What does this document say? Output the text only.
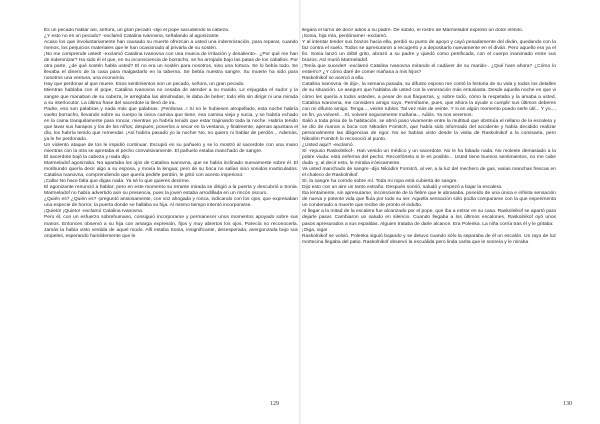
Es un pecado hablar así, señora, un gran pecado -dijo el pope sacudiendo la cabeza.

¿Y esto no es un pecado? -exclamó Catalina Ivanovna, señalando al agonizante.

Acaso los que involuntariamente han causado su muerte ofrezcan a usted una indemnización, para reparar, cuando menos, los perjuicios materiales que le han ocasionado al privarla de su sostén.

¡No me comprende usted! -exclamó Catalina Ivanovna con una mueca de irritación y desaliento-. ¿Por qué me han de indemnizar? Ha sido él el que, en su inconsciencia de borracho, se ha arrojado bajo las patas de los caballos. Por otra parte, ¿de qué sostén habla usted? El no era un sostén para nosotros, sino una tortura. Se lo bebía todo. Se llevaba el dinero de la casa para malgastarlo en la taberna. Se bebía nuestra sangre. Su muerte ha sido para nosotros una ventura, una economía.

Hay que perdonar al que muere. Esos sentimientos son un pecado, señora, un gran pecado.

Mientras hablaba con el pope, Catalina Ivanovna no cesaba de atender a su marido. Le enjugaba el sudor y la sangre que manaban de su cabeza, le arreglaba las almohadas, le daba de beber; todo ello sin dirigir ni una mirada a su interlocutor. La última frase del sacerdote la llenó de ira.

Padre, eso son palabras y nada más que palabras. ¡Perdonar...! Si no le hubiesen atropellado, esta noche habría vuelto borracho, llevando sobre su cuerpo la única camisa que tiene, esa camisa vieja y sucia, y se habría echado en la cama tranquilamente para roncar, mientras yo habría tenido que estar trajinando toda la noche. Habría tenido que lavar sus harapos y los de los niños; después, ponerlos a secar en la ventana, y finalmente, apenas apuntara el día, los habría tenido que remendar. ¡Así habría pasado yo la noche! No, no quiero ni hablar de perdón... Además, ya le he perdonado.

Un violento ataque de tos le impidió continuar. Escupió en su pañuelo y se lo mostró al sacerdote con una mano mientras con la otra se apretaba el pecho convulsivamente. El pañuelo estaba manchado de sangre.

El sacerdote bajó la cabeza y nada dijo.

Marmeladof agonizaba. No apartaba los ojos de Catalina Ivanovna, que se había inclinado nuevamente sobre él. El moribundo quería decir algo a su esposa, y movía la lengua; pero de su boca no salían sino sonidos inarticulados. Catalina Ivanovna, comprendiendo que quería pedirle perdón, le gritó con acento imperioso:

¡Calla! No hace falta que digas nada. Ya sé lo que quieres decirme.

El agonizante renunció a hablar; pero en este momento su errante mirada se dirigió a la puerta y descubrió a Sonia. Marmeladof no había advertido aún su presencia, pues la joven estaba arrodillada en un rincón oscuro.

¿Quién es? ¿Quién es? -preguntó ansiosamente, con voz ahogada y ronca, indicando con los ojos, que expresaban una especie de horror, la puerta donde se hallaba su hija. Al mismo tiempo intentó incorporarse.

¡Quieto! ¡Quieto! -exclamó Catalina Ivanovna.

Pero él, con un esfuerzo sobrehumano, consiguió incorporarse y permanecer unos momentos apoyado sobre sus manos. Entonces observó a su hija con amarga expresión, fijos y muy abiertos los ojos. Parecía no reconocerla. Jamás la había visto vestida de aquel modo. Allí estaba Sonia, insignificante, desesperada, avergonzada bajo sus oropeles, esperando humildemente que le

llegara el turno de decir adiós a su padre. De súbito, el rostro de Marmeladof expresó un dolor infinito.

¡Sonia, hija mía, perdóname! -exclamó.

Y al intentar tender sus brazos hacia ella, perdió su punto de apoyo y cayó pesadamente del diván, quedando con la faz contra el suelo. Todos se apresuraron a recogerlo y a depositarlo nuevamente en el diván. Pero aquello era ya el fin. Sonia lanzó un débil grito, abrazó a su padre y quedó como petrificada, con el cuerpo inanimado entre sus brazos. Así murió Marmeladof.

¡Tenía que suceder! -exclamó Catalina Ivanovna mirando el cadáver de su marido-. ¿Qué hare ahora? ¿Cómo lo entierro? ¿Y cómo daré de comer mañana a mis hijos?

Raskolnikof se acercó a ella.

Catalina Ivanovna -le dijo-, la semana pasada, su difunto esposo me contó la historia de su vida y todos los detalles de su situación. Le aseguro que hablaba de usted con la veneración más entusiasta. Desde aquella noche en que vi cómo les quería a todos ustedes, a pesar de sus flaquezas, y, sobre todo, cómo la respetaba y la amaba a usted, Catalina Ivanovna, me considero amigo suyo. Permítame, pues, que ahora la ayude a cumplir sus últimos deberes con mi difunto amigo. Tenga..., veinte rublos. Tal vez más de veinte. Y si en algún momento puedo serle útil... Y yo..., en fin, ya volveré... Sí, volveré seguramente mañana... Adiós. Ya nos veremos.

Salió a toda prisa de la habitación, se abrió paso vivamente entre la multitud que obstruía el rellano de la escalera y se dio de manos a boca con Nikodim Fomitch, que había sido informado del accidente y había decidido realizar personalmente las diligencias de rigor. No se habían visto desde la visita de Raskolnikof a la comisaría, pero Nikodim Fomitch lo reconoció al punto.

¿Usted aquí? -exclamó.

Sí -repuso Raskolnikof-. Han venido un médico y un sacerdote. No le ha faltado nada. No moleste demasiado a la pobre viuda: está enferma del pecho. Reconfórtela si le es posible... Usted tiene buenos sentimientos, no me cabe duda -y, al decir esto, le miraba irónicamente.

Va usted manchado de sangre -dijo Nikodim Fomitch, al ver, a la luz del mechero de gas, varias manchas frescas en el chaleco de Raskolnikof.

Sí, la sangre ha corrido sobre mí. Toda mi ropa está cubierta de sangre.

Dijo esto con un aire un tanto extraño. Después sonrió, saludó y empezó a bajar la escalera.

Iba lentamente, sin apresurarse, inconsciente de la fiebre que le abrasaba, poseído de una única e infinita sensación de nueva y potente vida que fluía por todo su ser. Aquella sensación sólo podía compararse con la que experimenta un condenado a muerte que recibe de pronto el indulto.

Al llegar a la mitad de la escalera fue alcanzado por el pope, que iba a entrar en su casa. Raskolnikof se apartó para dejarle pasar. Cambiaron un saludo en silencio. Cuando llegaba a los últimos escalones, Raskolnikof oyó unos pasos apresurados a sus espaldas. Alguien trataba de darle alcance. Era Polenka. La niña corría tras él y le gritaba:

¡Oiga, oiga!

Raskolnikof se volvió. Polenka siguió bajando y se detuvo cuando sólo la separaba de él un escalón. Un rayo de luz mortecina llegaba del patio. Raskolnikof observó la escuálida pero linda carita que le sonreía y le miraba

129	130
